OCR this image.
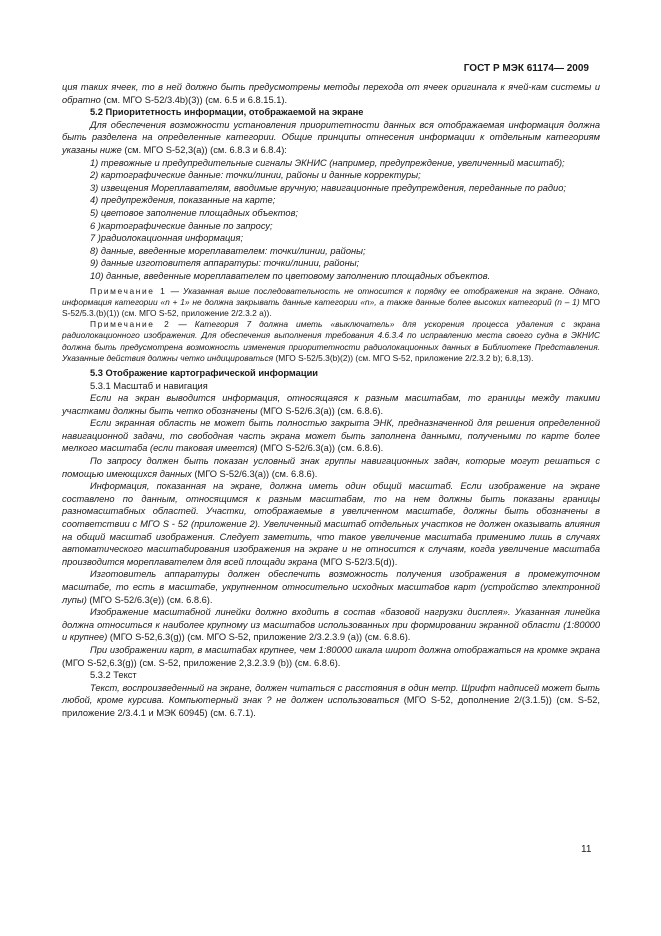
ГОСТ Р МЭК 61174— 2009

ция таких ячеек, то в ней должно быть предусмотрены методы перехода от ячеек оригинала к ячей-кам системы и обратно (см. МГО S-52/3.4b)(3)) (см. 6.5 и 6.8.15.1).

5.2 Приоритетность информации, отображаемой на экране

Для обеспечения возможности установления приоритетности данных вся отображаемая информация должна быть разделена на определенные категории. Общие принципы отнесения информации к отдельным категориям указаны ниже (см. МГО S-52,3(a)) (см. 6.8.3 и 6.8.4):

1) тревожные и предупредительные сигналы ЭКНИС (например, предупреждение, увеличенный масштаб);

2) картографические данные: точки/линии, районы и данные корректуры;

3) извещения Мореплавателям, вводимые вручную; навигационные предупреждения, переданные по радио;

4) предупреждения, показанные на карте;

5) цветовое заполнение площадных объектов;

6 )картографические данные по запросу;

7 )радиолокационная информация;

8) данные, введенные мореплавателем: точки/линии, районы;

9) данные изготовителя аппаратуры: точки/линии, районы;

10) данные, введенные мореплавателем по цветовому заполнению площадных объектов.

Примечание 1 — Указанная выше последовательность не относится к порядку ее отображения на экране. Однако, информация категории «n + 1» не должна закрывать данные категории «n», а также данные более высоких категорий (n – 1) МГО S-52/5.3.(b)(1)) (см. МГО S-52, приложение 2/2.3.2 а)).

Примечание 2 — Категория 7 должна иметь «выключатель» для ускорения процесса удаления с экрана радиолокационного изображения. Для обеспечения выполнения требования 4.6.3.4 по исправлению места своего судна в ЭКНИС должна быть предусмотрена возможность изменения приоритетности радиолокационных данных в Библиотеке Представления. Указанные действия должны четко индицироваться (МГО S-52/5.3(b)(2)) (см. МГО S-52, приложение 2/2.3.2 b); 6.8,13).

5.3 Отображение картографической информации

5.3.1 Масштаб и навигация

Если на экран выводится информация, относящаяся к разным масштабам, то границы между такими участками должны быть четко обозначены (МГО S-52/6.3(a)) (см. 6.8.6).

Если экранная область не может быть полностью закрыта ЭНК, предназначенной для решения определенной навигационной задачи, то свободная часть экрана может быть заполнена данными, получеными по карте более мелкого масштаба (если таковая имеется) (МГО S-52/6.3(a)) (см. 6.8.6).

По запросу должен быть показан условный знак группы навигационных задач, которые могут решаться с помощью имеющихся данных (МГО S-52/6.3(a)) (см. 6.8.6).

Информация, показанная на экране, должна иметь один общий масштаб. Если изображение на экране составлено по данным, относящимся к разным масштабам, то на нем должны быть показаны границы разномасштабных областей. Участки, отображаемые в увеличенном масштабе, должны быть обозначены в соответствии с МГО S - 52 (приложение 2). Увеличенный масштаб отдельных участков не должен оказывать влияния на общий масштаб изображения. Следует заметить, что такое увеличение масштаба применимо лишь в случаях автоматического масштабирования изображения на экране и не относится к случаям, когда увеличение масштаба производится мореплавателем для всей площади экрана (МГО S-52/3.5(d)).

Изготовитель аппаратуры должен обеспечить возможность получения изображения в промежуточном масштабе, то есть в масштабе, укрупненном относительно исходных масштабов карт (устройство электронной лупы) (МГО S-52/6.3(е)) (см. 6.8.6).

Изображение масштабной линейки должно входить в состав «базовой нагрузки дисплея». Указанная линейка должна относиться к наиболее крупному из масштабов использованных при формировании экранной области (1:80000 и крупнее) (МГО S-52,6.3(g)) (см. МГО S-52, приложение 2/3.2.3.9 (а)) (см. 6.8.6).

При изображении карт, в масштабах крупнее, чем 1:80000 шкала широт должна отображаться на кромке экрана (МГО S-52,6.3(g)) (см. S-52, приложение 2,3.2.3.9 (b)) (см. 6.8.6).

5.3.2 Текст

Текст, воспроизведенный на экране, должен читаться с расстояния в один метр. Шрифт надписей может быть любой, кроме курсива. Компьютерный знак ? не должен использоваться (МГО S-52, дополнение 2/(3.1.5)) (см. S-52, приложение 2/3.4.1 и МЭК 60945) (см. 6.7.1).

11
